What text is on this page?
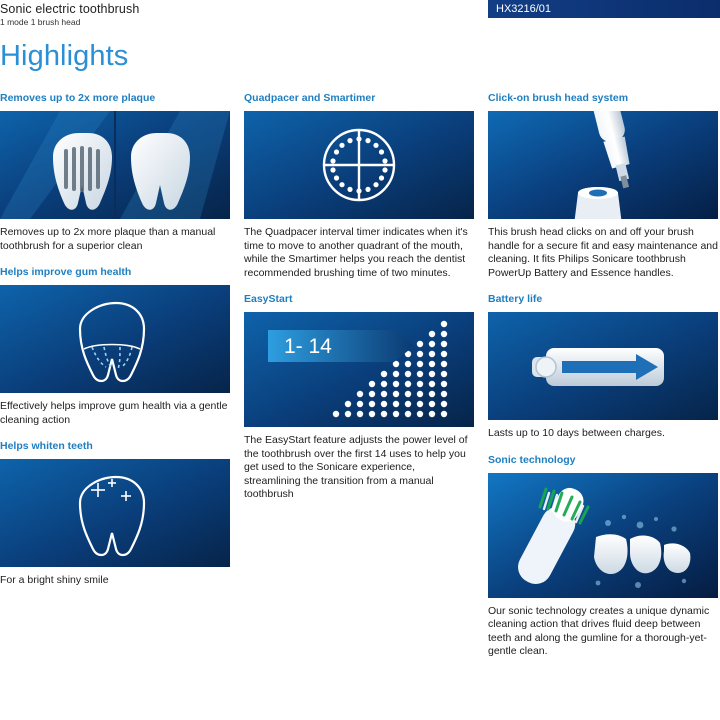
Sonic electric toothbrush
1 mode 1 brush head
HX3216/01
Highlights
Removes up to 2x more plaque
Removes up to 2x more plaque than a manual toothbrush for a superior clean
Helps improve gum health
Effectively helps improve gum health via a gentle cleaning action
Helps whiten teeth
For a bright shiny smile
Quadpacer and Smartimer
The Quadpacer interval timer indicates when it's time to move to another quadrant of the mouth, while the Smartimer helps you reach the dentist recommended brushing time of two minutes.
EasyStart
1- 14
The EasyStart feature adjusts the power level of the toothbrush over the first 14 uses to help you get used to the Sonicare experience, streamlining the transition from a manual toothbrush
Click-on brush head system
This brush head clicks on and off your brush handle for a secure fit and easy maintenance and cleaning. It fits Philips Sonicare toothbrush PowerUp Battery and Essence handles.
Battery life
Lasts up to 10 days between charges.
Sonic technology
Our sonic technology creates a unique dynamic cleaning action that drives fluid deep between teeth and along the gumline for a thorough-yet-gentle clean.
